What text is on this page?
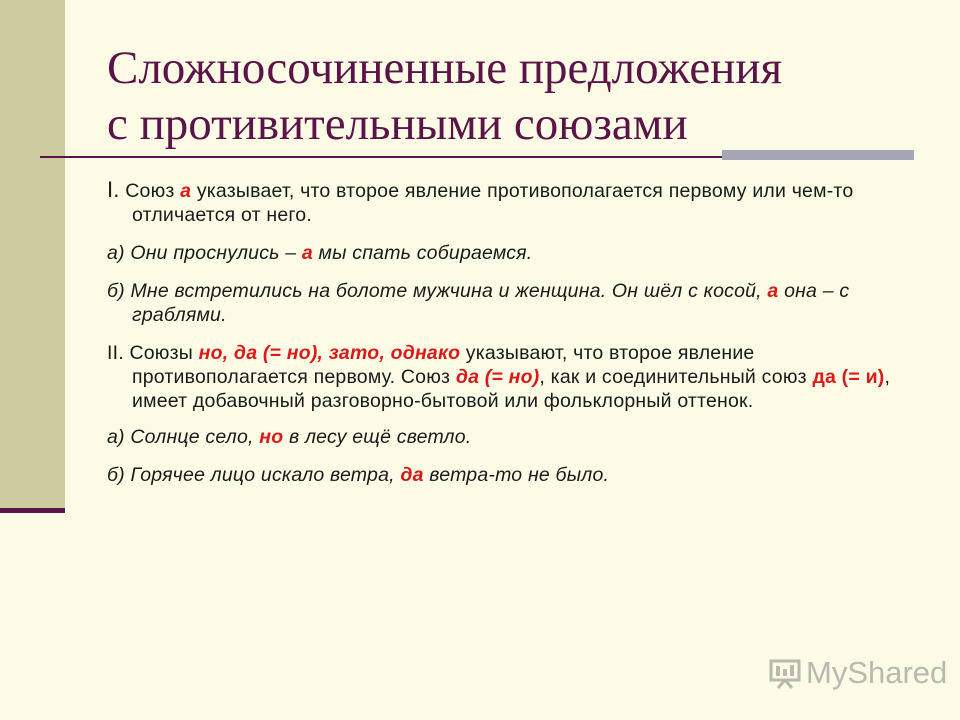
Сложносочиненные предложения
с противительными союзами

I. Союз а указывает, что второе явление противополагается первому или чем-то отличается от него.

а) Они проснулись – а мы спать собираемся.

б) Мне встретились на болоте мужчина и женщина. Он шёл с косой, а она – с граблями.

II. Союзы но, да (= но), зато, однако указывают, что второе явление противополагается первому. Союз да (= но), как и соединительный союз да (= и), имеет добавочный разговорно-бытовой или фольклорный оттенок.

а) Солнце село, но в лесу ещё светло.

б) Горячее лицо искало ветра, да ветра-то не было.

MyShared
